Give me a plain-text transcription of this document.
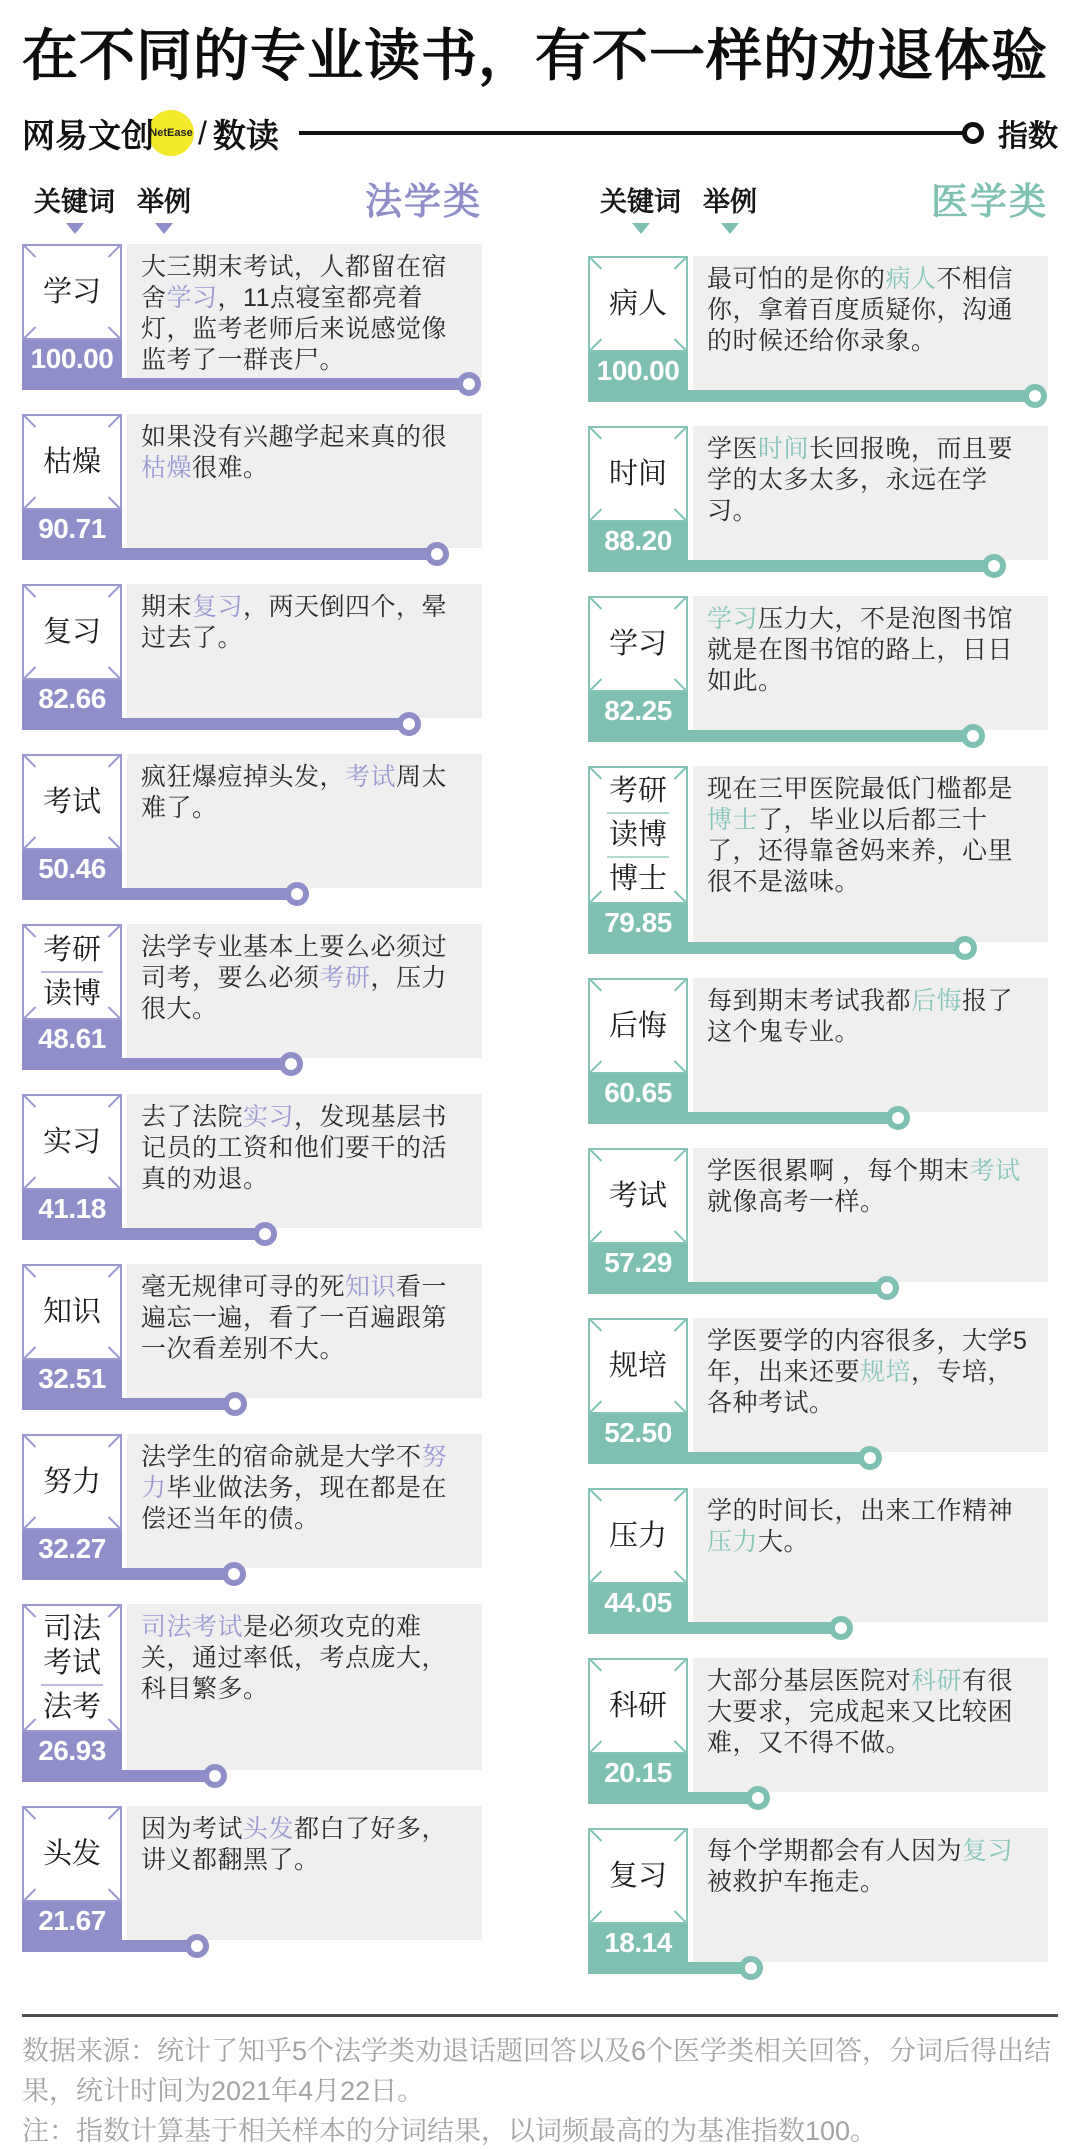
在不同的专业读书，有不一样的劝退体验
网易文创
NetEase / 数读	指数
关键词 举例	法学类
学习
100.00
大三期末考试，人都留在宿舍学习，11点寝室都亮着灯，监考老师后来说感觉像监考了一群丧尸。
枯燥
90.71
如果没有兴趣学起来真的很枯燥很难。
复习
82.66
期末复习，两天倒四个，晕过去了。
考试
50.46
疯狂爆痘掉头发，考试周太难了。
考研
读博
48.61
法学专业基本上要么必须过司考，要么必须考研，压力很大。
实习
41.18
去了法院实习，发现基层书记员的工资和他们要干的活真的劝退。
知识
32.51
毫无规律可寻的死知识看一遍忘一遍，看了一百遍跟第一次看差别不大。
努力
32.27
法学生的宿命就是大学不努力毕业做法务，现在都是在偿还当年的债。
司法
考试
法考
26.93
司法考试是必须攻克的难关，通过率低，考点庞大，科目繁多。
头发
21.67
因为考试头发都白了好多，讲义都翻黑了。
关键词 举例	医学类
病人
100.00
最可怕的是你的病人不相信你，拿着百度质疑你，沟通的时候还给你录象。
时间
88.20
学医时间长回报晚，而且要学的太多太多，永远在学习。
学习
82.25
学习压力大，不是泡图书馆就是在图书馆的路上，日日如此。
考研
读博
博士
79.85
现在三甲医院最低门槛都是博士了，毕业以后都三十了，还得靠爸妈来养，心里很不是滋味。
后悔
60.65
每到期末考试我都后悔报了这个鬼专业。
考试
57.29
学医很累啊 ，每个期末考试就像高考一样。
规培
52.50
学医要学的内容很多，大学5年，出来还要规培，专培，各种考试。
压力
44.05
学的时间长，出来工作精神压力大。
科研
20.15
大部分基层医院对科研有很大要求，完成起来又比较困难，又不得不做。
复习
18.14
每个学期都会有人因为复习被救护车拖走。

数据来源：统计了知乎5个法学类劝退话题回答以及6个医学类相关回答，分词后得出结果，统计时间为2021年4月22日。

注：指数计算基于相关样本的分词结果，以词频最高的为基准指数100。
